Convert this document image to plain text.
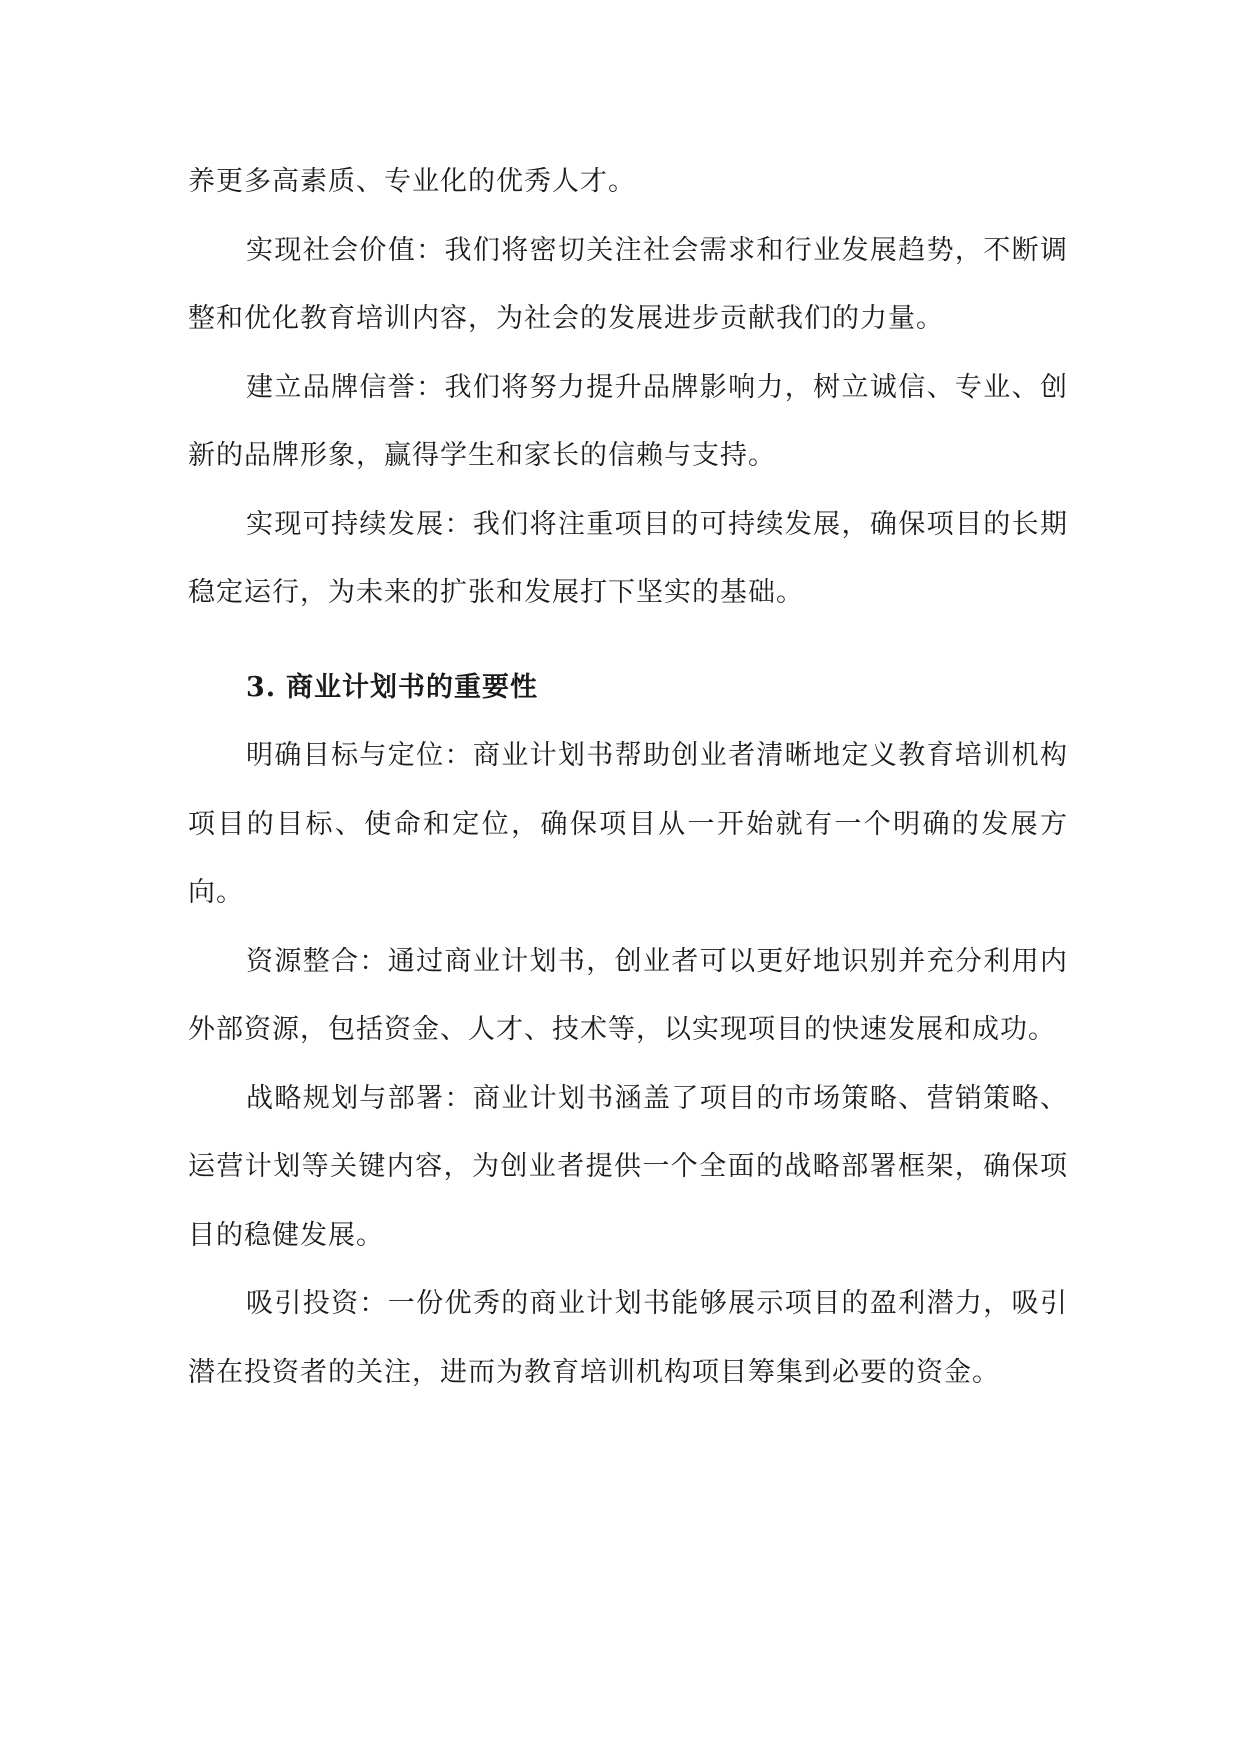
养更多高素质、专业化的优秀人才。

实现社会价值：我们将密切关注社会需求和行业发展趋势，不断调整和优化教育培训内容，为社会的发展进步贡献我们的力量。

建立品牌信誉：我们将努力提升品牌影响力，树立诚信、专业、创新的品牌形象，赢得学生和家长的信赖与支持。

实现可持续发展：我们将注重项目的可持续发展，确保项目的长期稳定运行，为未来的扩张和发展打下坚实的基础。

3. 商业计划书的重要性

明确目标与定位：商业计划书帮助创业者清晰地定义教育培训机构项目的目标、使命和定位，确保项目从一开始就有一个明确的发展方向。

资源整合：通过商业计划书，创业者可以更好地识别并充分利用内外部资源，包括资金、人才、技术等，以实现项目的快速发展和成功。

战略规划与部署：商业计划书涵盖了项目的市场策略、营销策略、运营计划等关键内容，为创业者提供一个全面的战略部署框架，确保项目的稳健发展。

吸引投资：一份优秀的商业计划书能够展示项目的盈利潜力，吸引潜在投资者的关注，进而为教育培训机构项目筹集到必要的资金。
